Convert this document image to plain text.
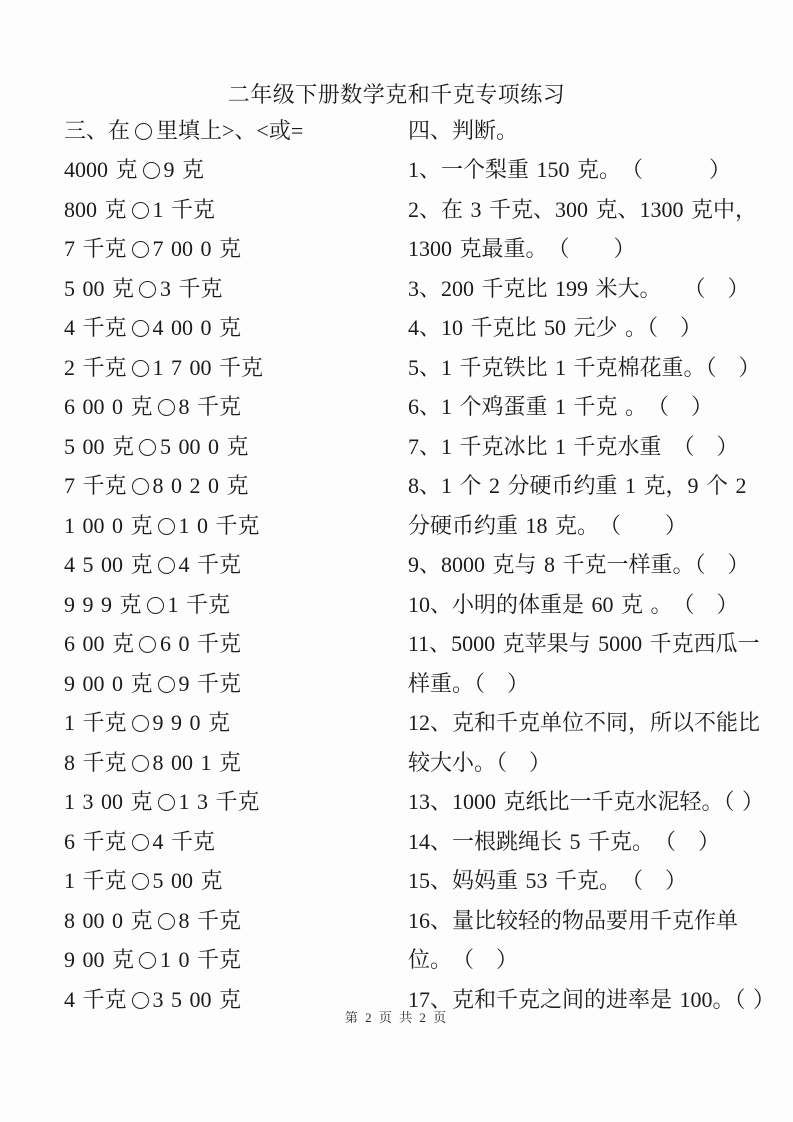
二年级下册数学克和千克专项练习
三、在 里填上>、<或=	四、判断。
4000 克 9 克
800 克 1 千克
7 千克 7 00 0 克
5 00 克 3 千克
4 千克 4 00 0 克
2 千克 1 7 00 千克
6 00 0 克 8 千克
5 00 克 5 00 0 克
7 千克 8 0 2 0 克
1 00 0 克 1 0 千克
4 5 00 克 4 千克
9 9 9 克 1 千克
6 00 克 6 0 千克
9 00 0 克 9 千克
1 千克 9 9 0 克
8 千克 8 00 1 克
1 3 00 克 1 3 千克
6 千克 4 千克
1 千克 5 00 克
8 00 0 克 8 千克
9 00 克 1 0 千克
4 千克 3 5 00 克
1、一个梨重 150 克。　（　　　）
2、在 3 千克、300 克、1300 克中，
1300 克最重。　（　　）
3、200 千克比 199 米大。　　（　）
4、10 千克比 50 元少 。（　）
5、1 千克铁比 1 千克棉花重。（　）
6、1 个鸡蛋重 1 千克 。　（　）
7、1 千克冰比 1 千克水重　（　）
8、1 个 2 分硬币约重 1 克，9 个 2
分硬币约重 18 克。　（　　）
9、8000 克与 8 千克一样重。（　）
10、小明的体重是 60 克 。　（　）
11、5000 克苹果与 5000 千克西瓜一
样重。（　）
12、克和千克单位不同，所以不能比
较大小。（　）
13、1000 克纸比一千克水泥轻。（ ）
14、一根跳绳长 5 千克。　（　）
15、妈妈重 53 千克。　（　）
16、量比较轻的物品要用千克作单
位。　（　）
17、克和千克之间的进率是 100。（ ）
第 2 页 共 2 页
